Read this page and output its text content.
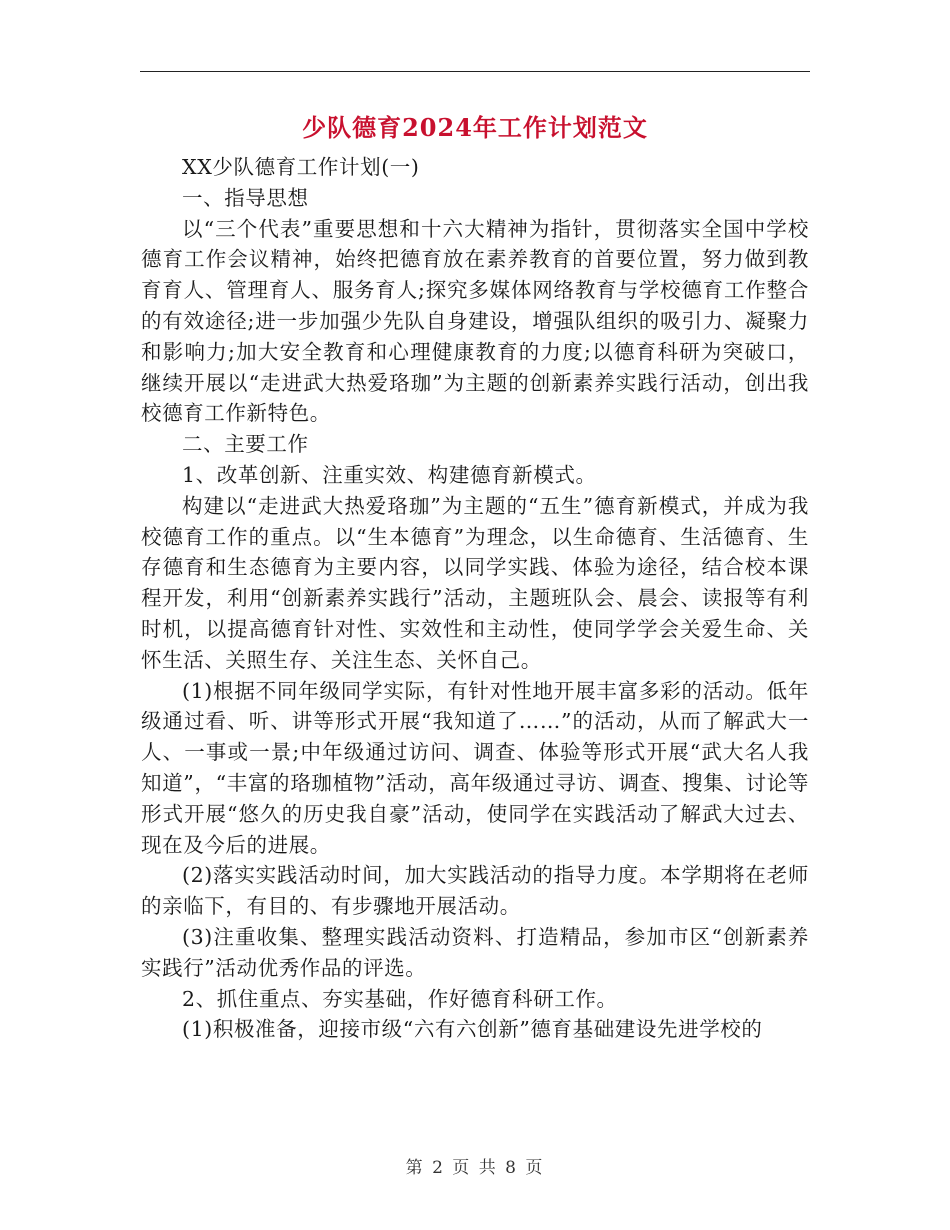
少队德育2024年工作计划范文

XX少队德育工作计划(一)

一、指导思想

以“三个代表”重要思想和十六大精神为指针，贯彻落实全国中学校德育工作会议精神，始终把德育放在素养教育的首要位置，努力做到教育育人、管理育人、服务育人;探究多媒体网络教育与学校德育工作整合的有效途径;进一步加强少先队自身建设，增强队组织的吸引力、凝聚力和影响力;加大安全教育和心理健康教育的力度;以德育科研为突破口，继续开展以“走进武大热爱珞珈”为主题的创新素养实践行活动，创出我校德育工作新特色。

二、主要工作

1、改革创新、注重实效、构建德育新模式。

构建以“走进武大热爱珞珈”为主题的“五生”德育新模式，并成为我校德育工作的重点。以“生本德育”为理念，以生命德育、生活德育、生存德育和生态德育为主要内容，以同学实践、体验为途径，结合校本课程开发，利用“创新素养实践行”活动，主题班队会、晨会、读报等有利时机，以提高德育针对性、实效性和主动性，使同学学会关爱生命、关怀生活、关照生存、关注生态、关怀自己。

(1)根据不同年级同学实际，有针对性地开展丰富多彩的活动。低年级通过看、听、讲等形式开展“我知道了……”的活动，从而了解武大一人、一事或一景;中年级通过访问、调查、体验等形式开展“武大名人我知道”，“丰富的珞珈植物”活动，高年级通过寻访、调查、搜集、讨论等形式开展“悠久的历史我自豪”活动，使同学在实践活动了解武大过去、现在及今后的进展。

(2)落实实践活动时间，加大实践活动的指导力度。本学期将在老师的亲临下，有目的、有步骤地开展活动。

(3)注重收集、整理实践活动资料、打造精品，参加市区“创新素养实践行”活动优秀作品的评选。

2、抓住重点、夯实基础，作好德育科研工作。

(1)积极准备，迎接市级“六有六创新”德育基础建设先进学校的

第 2 页 共 8 页
